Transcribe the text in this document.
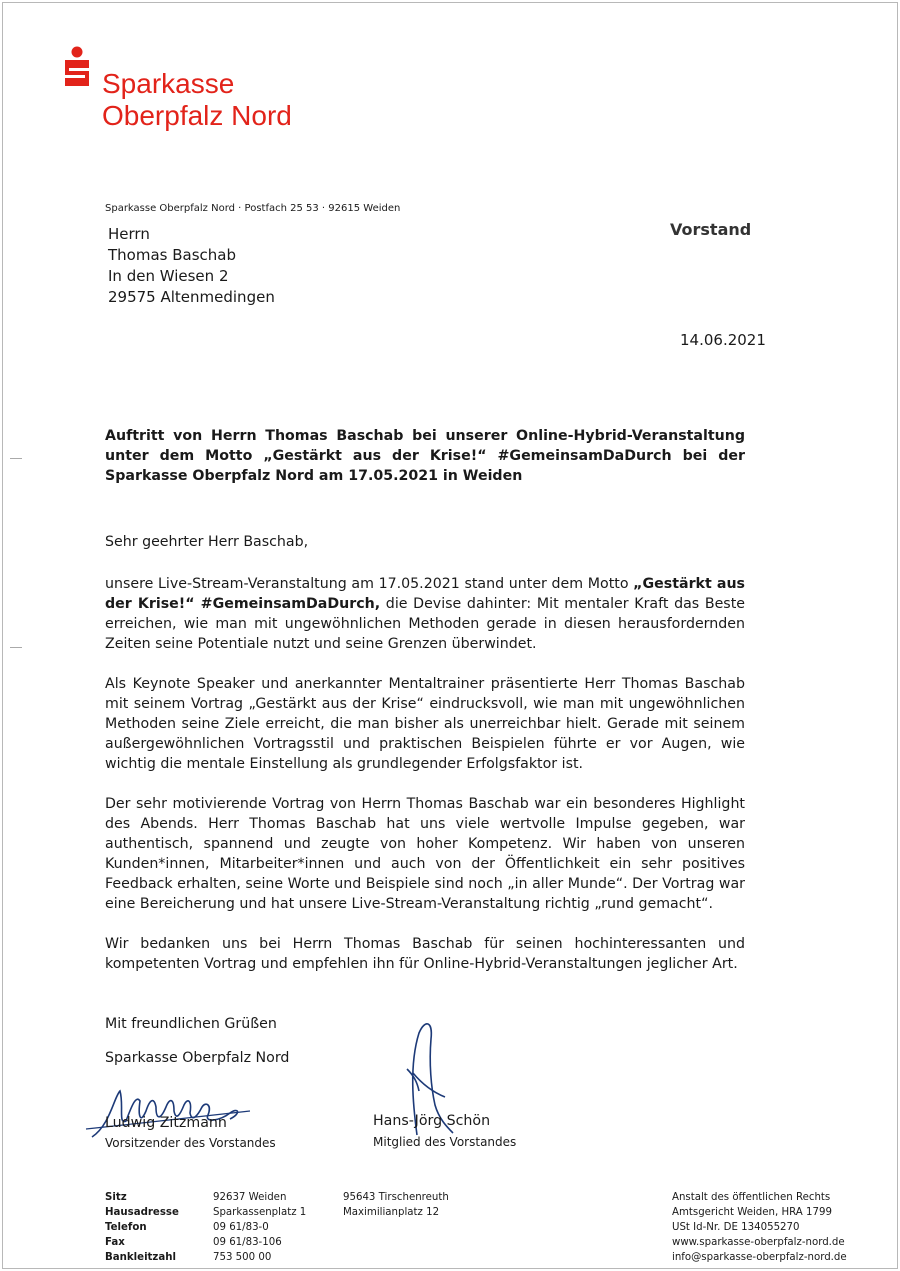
Sparkasse
Oberpfalz Nord
Sparkasse Oberpfalz Nord · Postfach 25 53 · 92615 Weiden
Herrn
Thomas Baschab
In den Wiesen 2
29575 Altenmedingen
Vorstand
14.06.2021
Auftritt von Herrn Thomas Baschab bei unserer Online-Hybrid-Veranstaltung unter dem Motto „Gestärkt aus der Krise!“ #GemeinsamDaDurch bei der Sparkasse Oberpfalz Nord am 17.05.2021 in Weiden

Sehr geehrter Herr Baschab,

unsere Live-Stream-Veranstaltung am 17.05.2021 stand unter dem Motto „Gestärkt aus der Krise!“ #GemeinsamDaDurch, die Devise dahinter: Mit mentaler Kraft das Beste erreichen, wie man mit ungewöhnlichen Methoden gerade in diesen herausfordernden Zeiten seine Potentiale nutzt und seine Grenzen überwindet.

Als Keynote Speaker und anerkannter Mentaltrainer präsentierte Herr Thomas Baschab mit seinem Vortrag „Gestärkt aus der Krise“ eindrucksvoll, wie man mit ungewöhnlichen Methoden seine Ziele erreicht, die man bisher als unerreichbar hielt. Gerade mit seinem außergewöhnlichen Vortragsstil und praktischen Beispielen führte er vor Augen, wie wichtig die mentale Einstellung als grundlegender Erfolgsfaktor ist.

Der sehr motivierende Vortrag von Herrn Thomas Baschab war ein besonderes Highlight des Abends. Herr Thomas Baschab hat uns viele wertvolle Impulse gegeben, war authentisch, spannend und zeugte von hoher Kompetenz. Wir haben von unseren Kunden*innen, Mitarbeiter*innen und auch von der Öffentlichkeit ein sehr positives Feedback erhalten, seine Worte und Beispiele sind noch „in aller Munde“. Der Vortrag war eine Bereicherung und hat unsere Live-Stream-Veranstaltung richtig „rund gemacht“.

Wir bedanken uns bei Herrn Thomas Baschab für seinen hochinteressanten und kompetenten Vortrag und empfehlen ihn für Online-Hybrid-Veranstaltungen jeglicher Art.

Mit freundlichen Grüßen
Sparkasse Oberpfalz Nord
Ludwig Zitzmann
Vorsitzender des Vorstandes
Hans-Jörg Schön
Mitglied des Vorstandes
Sitz
Hausadresse
Telefon
Fax
Bankleitzahl
92637 Weiden
Sparkassenplatz 1
09 61/83-0
09 61/83-106
753 500 00
95643 Tirschenreuth
Maximilianplatz 12
Anstalt des öffentlichen Rechts
Amtsgericht Weiden, HRA 1799
USt Id-Nr. DE 134055270
www.sparkasse-oberpfalz-nord.de
info@sparkasse-oberpfalz-nord.de
